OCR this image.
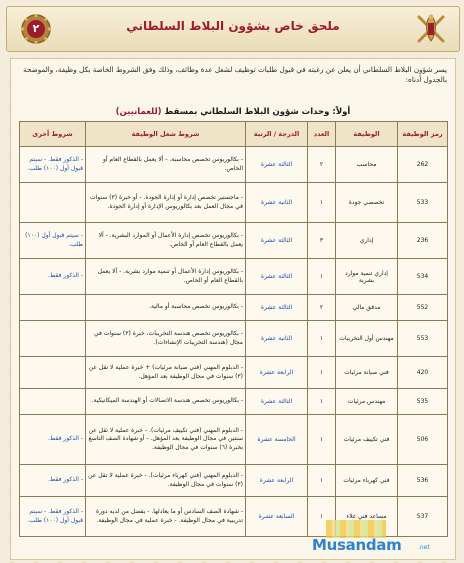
٢	ملحق خاص بشؤون البلاط السلطاني
يسر شؤون البلاط السلطاني أن يعلن عن رغبته في قبول طلبات توظيف لشغل عدة وظائف، وذلك وفق الشروط الخاصة بكل وظيفة، والموضحة بالجدول أدناه:
أولاً: وحدات شؤون البلاط السلطاني بمسقط (للعمانيين)
رمز الوظيفة	الوظيفة	العدد	الدرجة / الرتبة	شروط شغل الوظيفة	شروط أخرى
262	محاسب	٢	الثالثة عشرة	- بكالوريوس تخصص محاسبة. - ألا يعمل بالقطاع العام أو الخاص.	- الذكور فقط. - سيتم قبول أول (١٠٠) طلب.
533	تخصصي جودة	١	الثانية عشرة	- ماجستير تخصص إدارة أو إدارة الجودة. - أو خبرة (٣) سنوات في مجال العمل بعد بكالوريوس الإدارة أو إدارة الجودة.	
236	إداري	٣	الثالثة عشرة	- بكالوريوس تخصص إدارة الأعمال أو الموارد البشرية. - ألا يعمل بالقطاع العام أو الخاص.	- سيتم قبول أول (١٠٠) طلب.
534	إداري تنمية موارد بشرية	١	الثالثة عشرة	- بكالوريوس إدارة الأعمال أو تنمية موارد بشرية. - ألا يعمل بالقطاع العام أو الخاص.	- الذكور فقط.
552	مدقق مالي	٢	الثالثة عشرة	- بكالوريوس تخصص محاسبة أو مالية.	
553	مهندس أول التخريبات	١	الثانية عشرة	- بكالوريوس تخصص هندسة التخريبات، خبرة (٣) سنوات في مجال (هندسة التخريبات الإنشاءات).	
420	فني صيانة مرئيات	١	الرابعة عشرة	- الدبلوم المهني (فني صيانة مرئيات) + خبرة عملية لا تقل عن (٣) سنوات في مجال الوظيفة بعد المؤهل.	
535	مهندس مرئيات	١	الثالثة عشرة	- بكالوريوس تخصص هندسة الاتصالات أو الهندسة الميكانيكية.	
506	فني تكييف مرئيات	١	الخامسة عشرة	- الدبلوم المهني (فني تكييف مرئيات). - خبرة عملية لا تقل عن سنتين في مجال الوظيفة بعد المؤهل. - أو شهادة الصف التاسع بخبرة (٦) سنوات في مجال الوظيفة.	- الذكور فقط.
536	فني كهرباء مرئيات	١	الرابعة عشرة	- الدبلوم المهني (فني كهرباء مرئيات). - خبرة عملية لا تقل عن (٣) سنوات في مجال الوظيفة.	- الذكور فقط.
537	مساعد فني غلاء	١	السابعة عشرة	- شهادة الصف السادس أو ما يعادلها. - يفضل من لديه دورة تدريبية في مجال الوظيفة. - خبرة عملية في مجال الوظيفة.	- الذكور فقط. - سيتم قبول أول (١٠٠) طلب.
Musandam	.net
